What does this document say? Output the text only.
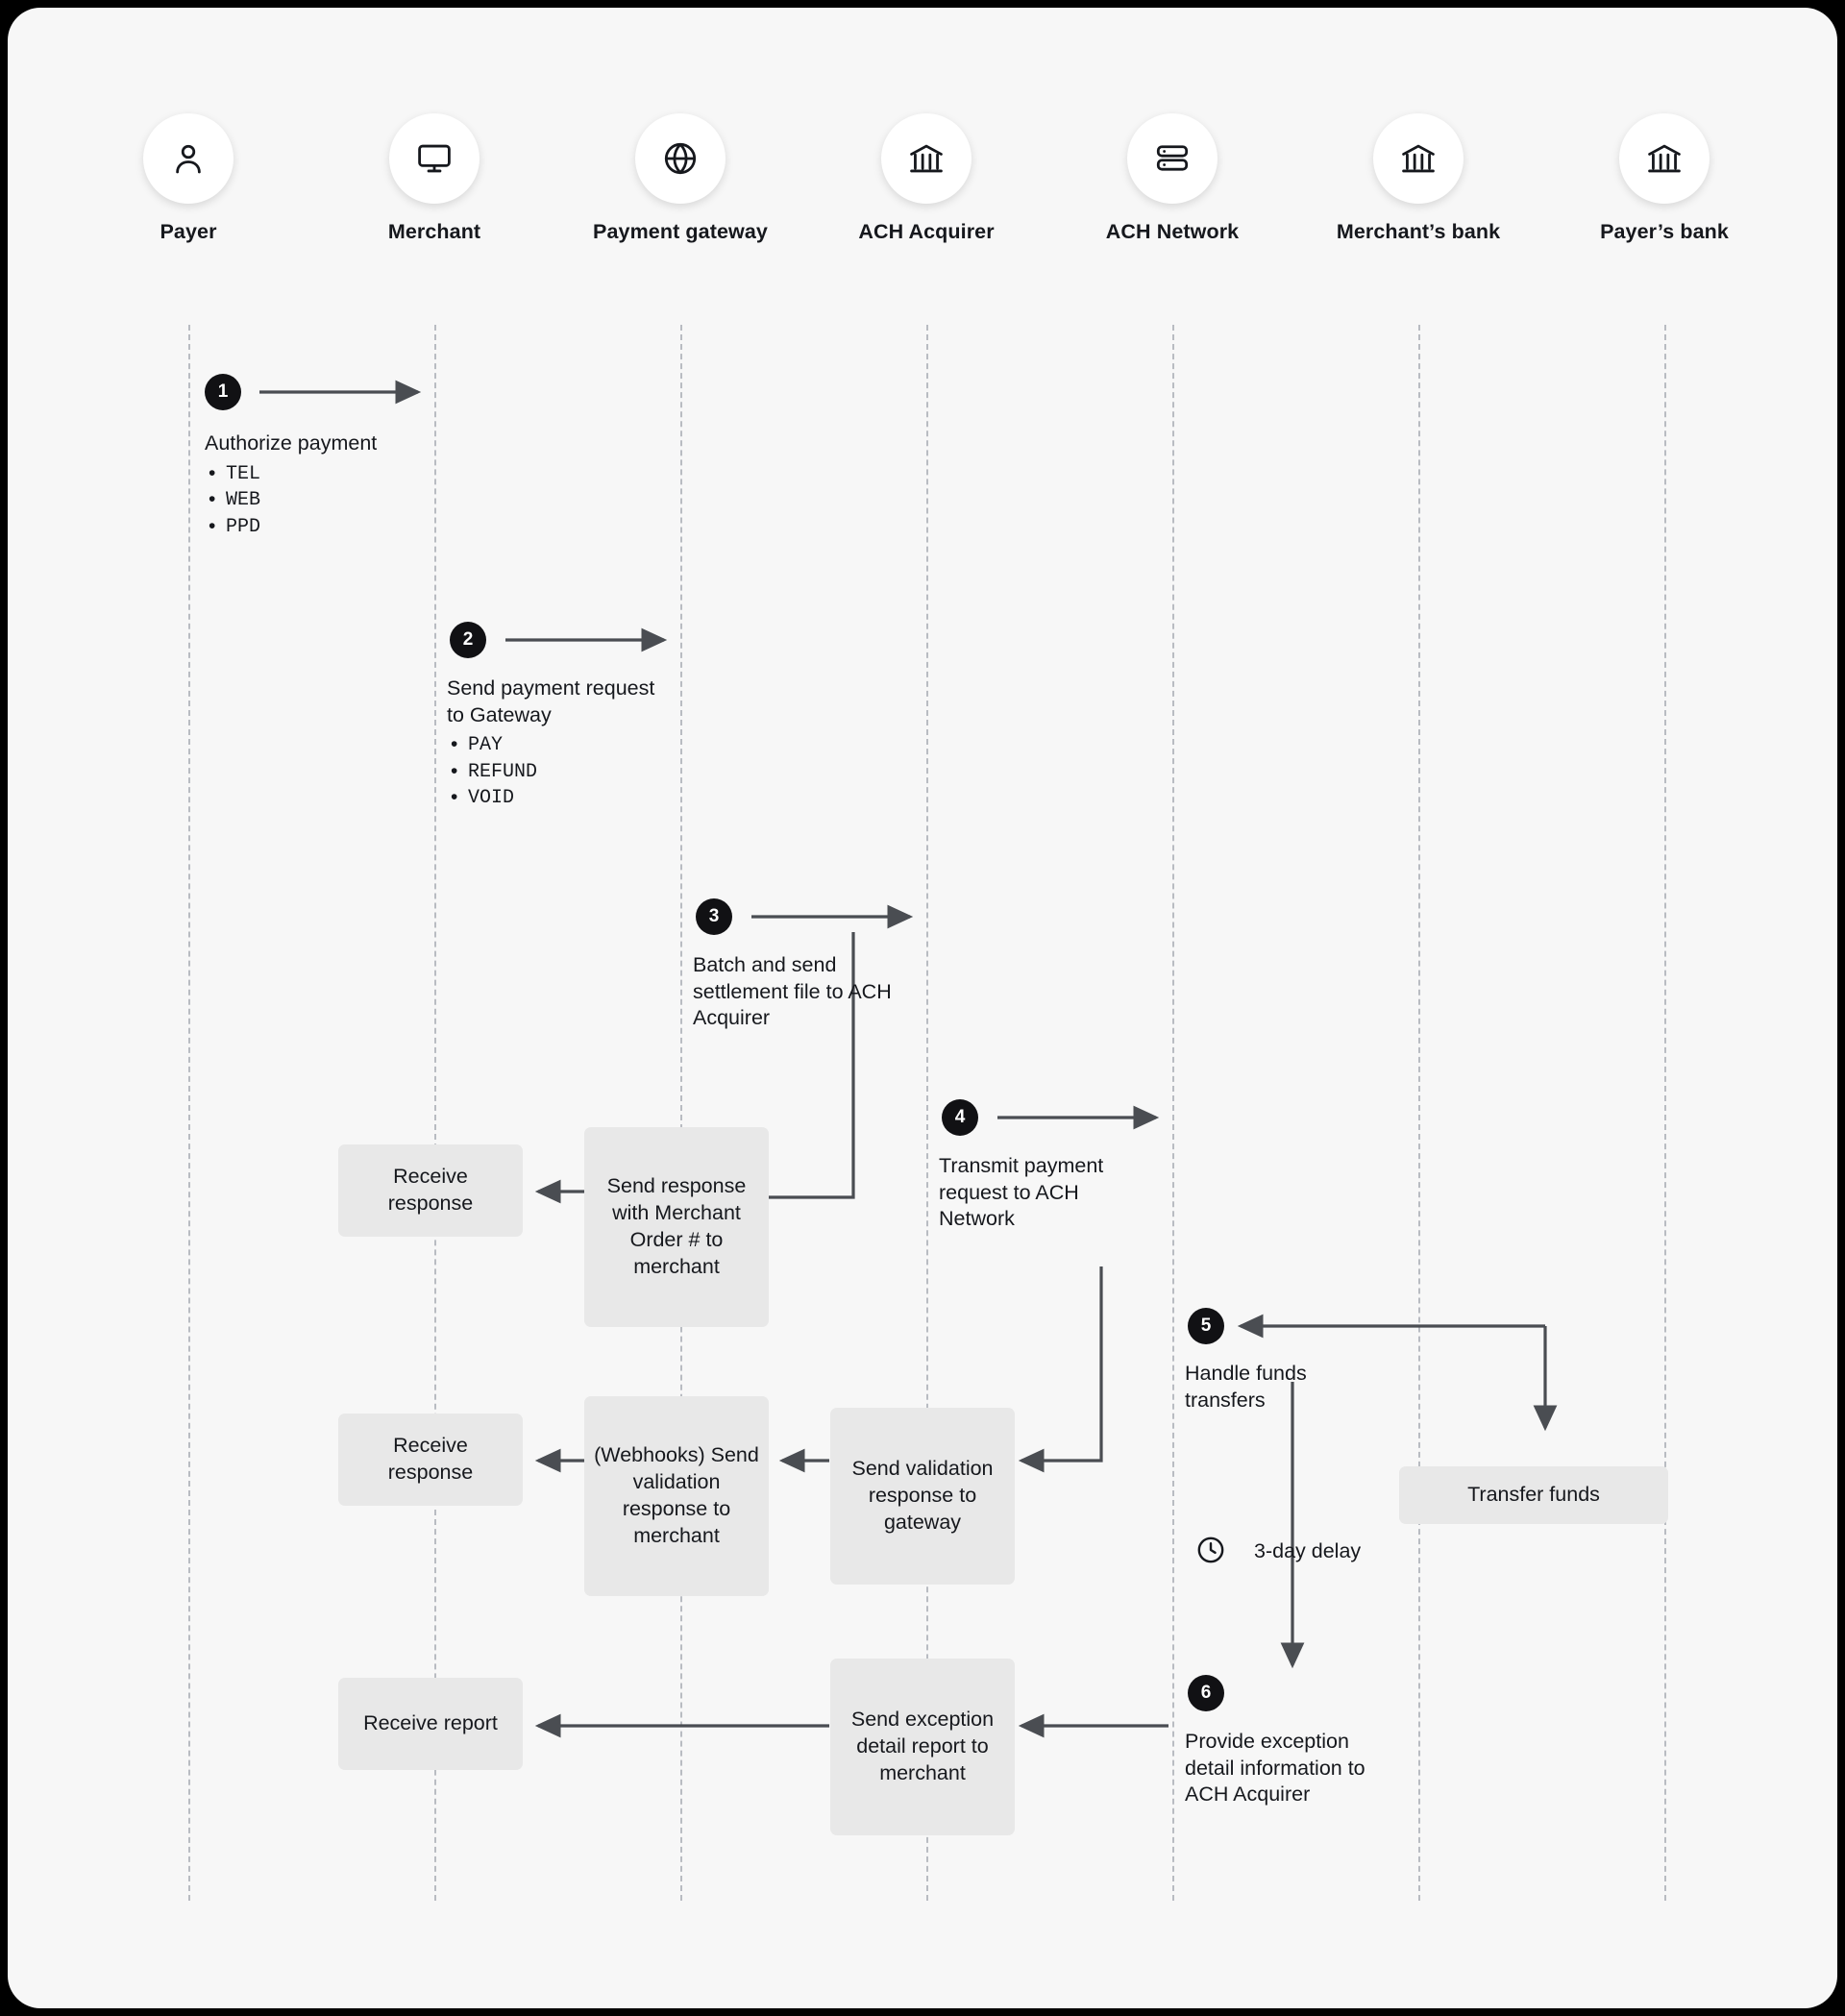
Payer	Merchant	Payment gateway	ACH Acquirer	ACH Network	Merchant’s bank	Payer’s bank
1
Authorize payment
• TEL
• WEB
• PPD
2
Send payment request to Gateway
• PAY
• REFUND
• VOID
3
Batch and send settlement file to ACH Acquirer
4
Transmit payment request to ACH Network
5
Handle funds transfers
6
Provide exception detail information to ACH Acquirer
Receive response
Send response with Merchant Order # to merchant
Receive response
(Webhooks) Send validation response to merchant
Send validation response to gateway
Transfer funds
Receive report	Send exception detail report to merchant
3-day delay
